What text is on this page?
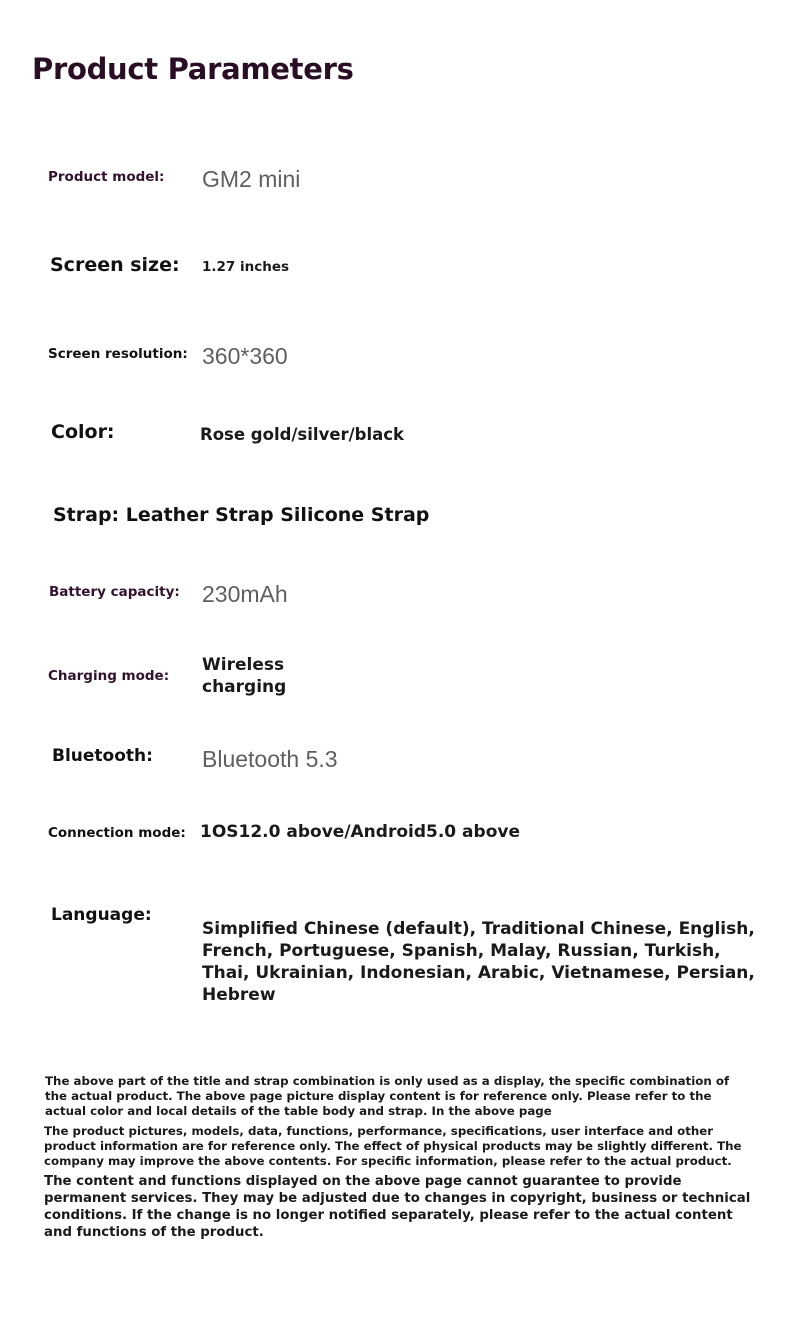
Product Parameters
Product model: GM2 mini
Screen size: 1.27 inches
Screen resolution: 360*360
Color:	Rose gold/silver/black
Strap: Leather Strap Silicone Strap
Battery capacity: 230mAh
Charging mode:
Wireless
charging
Bluetooth: Bluetooth 5.3
Connection mode: 1OS12.0 above/Android5.0 above
Language:
Simplified Chinese (default), Traditional Chinese, English, French, Portuguese, Spanish, Malay, Russian, Turkish, Thai, Ukrainian, Indonesian, Arabic, Vietnamese, Persian, Hebrew
The above part of the title and strap combination is only used as a display, the specific combination of the actual product. The above page picture display content is for reference only. Please refer to the actual color and local details of the table body and strap. In the above page
The product pictures, models, data, functions, performance, specifications, user interface and other product information are for reference only. The effect of physical products may be slightly different. The company may improve the above contents. For specific information, please refer to the actual product.
The content and functions displayed on the above page cannot guarantee to provide permanent services. They may be adjusted due to changes in copyright, business or technical conditions. If the change is no longer notified separately, please refer to the actual content and functions of the product.
